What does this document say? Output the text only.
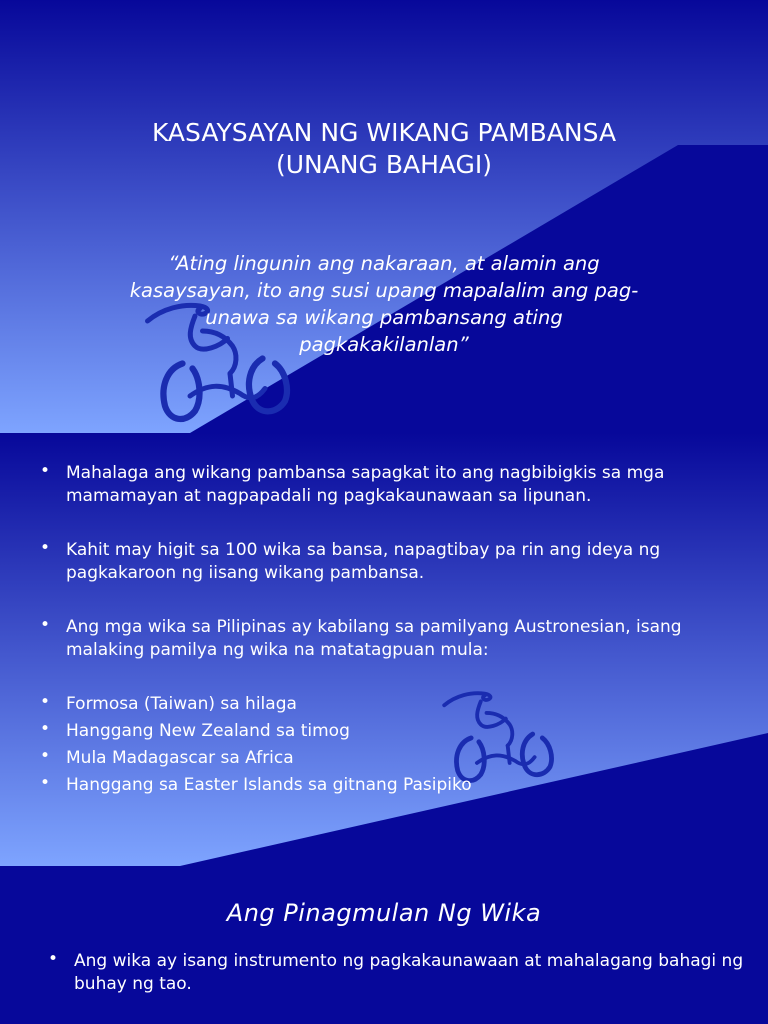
KASAYSAYAN NG WIKANG PAMBANSA
(UNANG BAHAGI)

“Ating lingunin ang nakaraan, at alamin ang
kasaysayan, ito ang susi upang mapalalim ang pag-
unawa sa wikang pambansang ating
pagkakakilanlan”

• Mahalaga ang wikang pambansa sapagkat ito ang nagbibigkis sa mga
mamamayan at nagpapadali ng pagkakaunawaan sa lipunan.
• Kahit may higit sa 100 wika sa bansa, napagtibay pa rin ang ideya ng
pagkakaroon ng iisang wikang pambansa.
• Ang mga wika sa Pilipinas ay kabilang sa pamilyang Austronesian, isang
malaking pamilya ng wika na matatagpuan mula:
• Formosa (Taiwan) sa hilaga
• Hanggang New Zealand sa timog
• Mula Madagascar sa Africa
• Hanggang sa Easter Islands sa gitnang Pasipiko
Ang Pinagmulan Ng Wika
• Ang wika ay isang instrumento ng pagkakaunawaan at mahalagang bahagi ng
buhay ng tao.
